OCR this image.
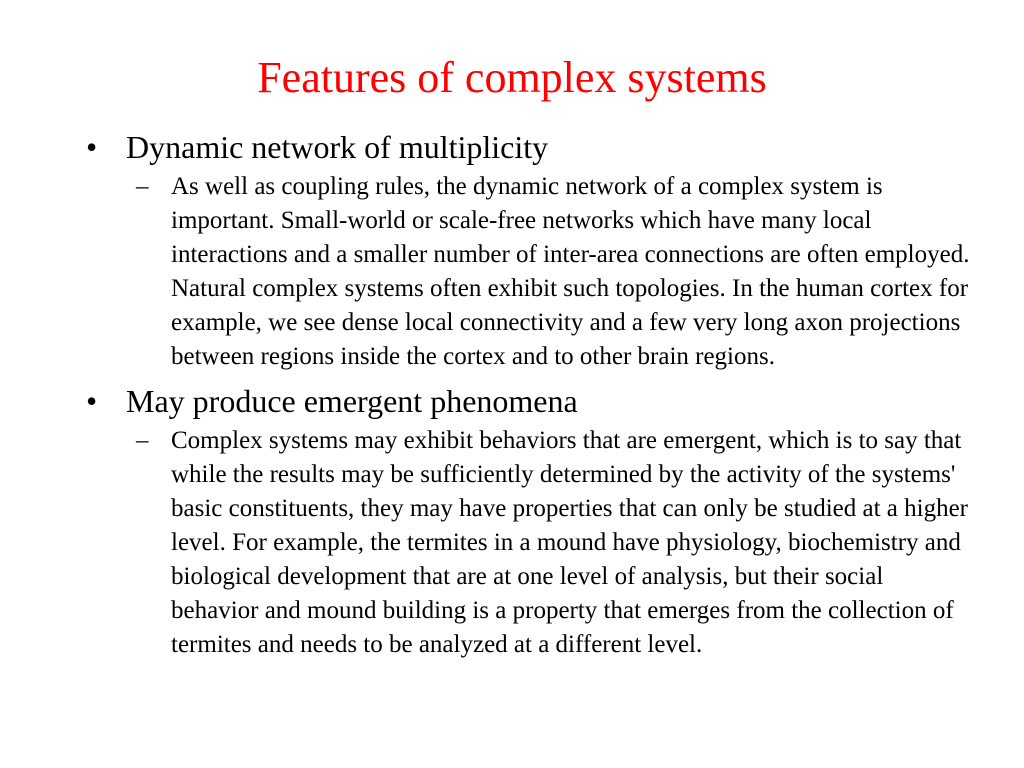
Features of complex systems
• Dynamic network of multiplicity
– As well as coupling rules, the dynamic network of a complex system is important. Small-world or scale-free networks which have many local interactions and a smaller number of inter-area connections are often employed. Natural complex systems often exhibit such topologies. In the human cortex for example, we see dense local connectivity and a few very long axon projections between regions inside the cortex and to other brain regions.
• May produce emergent phenomena
– Complex systems may exhibit behaviors that are emergent, which is to say that while the results may be sufficiently determined by the activity of the systems' basic constituents, they may have properties that can only be studied at a higher level. For example, the termites in a mound have physiology, biochemistry and biological development that are at one level of analysis, but their social behavior and mound building is a property that emerges from the collection of termites and needs to be analyzed at a different level.
